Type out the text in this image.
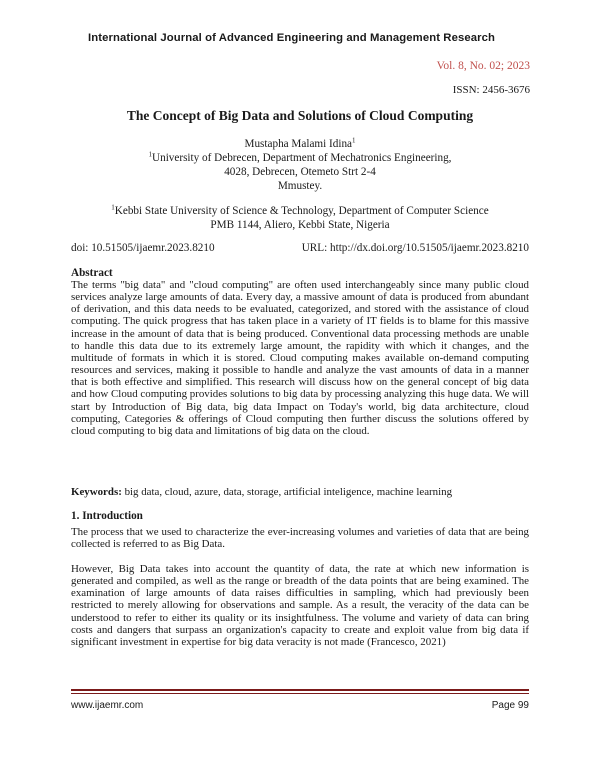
International Journal of Advanced Engineering and Management Research
Vol. 8, No. 02; 2023
ISSN: 2456-3676
The Concept of Big Data and Solutions of Cloud Computing
Mustapha Malami Idina$^1$
$^1$University of Debrecen, Department of Mechatronics Engineering,
4028, Debrecen, Otemeto Strt 2-4
Mmustey.
$^1$Kebbi State University of Science & Technology, Department of Computer Science
PMB 1144, Aliero, Kebbi State, Nigeria
doi: 10.51505/ijaemr.2023.8210	URL: http://dx.doi.org/10.51505/ijaemr.2023.8210
Abstract
The terms "big data" and "cloud computing" are often used interchangeably since many public cloud services analyze large amounts of data. Every day, a massive amount of data is produced from abundant of derivation, and this data needs to be evaluated, categorized, and stored with the assistance of cloud computing. The quick progress that has taken place in a variety of IT fields is to blame for this massive increase in the amount of data that is being produced. Conventional data processing methods are unable to handle this data due to its extremely large amount, the rapidity with which it changes, and the multitude of formats in which it is stored. Cloud computing makes available on-demand computing resources and services, making it possible to handle and analyze the vast amounts of data in a manner that is both effective and simplified. This research will discuss how on the general concept of big data and how Cloud computing provides solutions to big data by processing analyzing this huge data. We will start by Introduction of Big data, big data Impact on Today's world, big data architecture, cloud computing, Categories & offerings of Cloud computing then further discuss the solutions offered by cloud computing to big data and limitations of big data on the cloud.
Keywords: big data, cloud, azure, data, storage, artificial inteligence, machine learning
1. Introduction
The process that we used to characterize the ever-increasing volumes and varieties of data that are being collected is referred to as Big Data.
However, Big Data takes into account the quantity of data, the rate at which new information is generated and compiled, as well as the range or breadth of the data points that are being examined. The examination of large amounts of data raises difficulties in sampling, which had previously been restricted to merely allowing for observations and sample. As a result, the veracity of the data can be understood to refer to either its quality or its insightfulness. The volume and variety of data can bring costs and dangers that surpass an organization's capacity to create and exploit value from big data if significant investment in expertise for big data veracity is not made (Francesco, 2021)
www.ijaemr.com	Page 99
